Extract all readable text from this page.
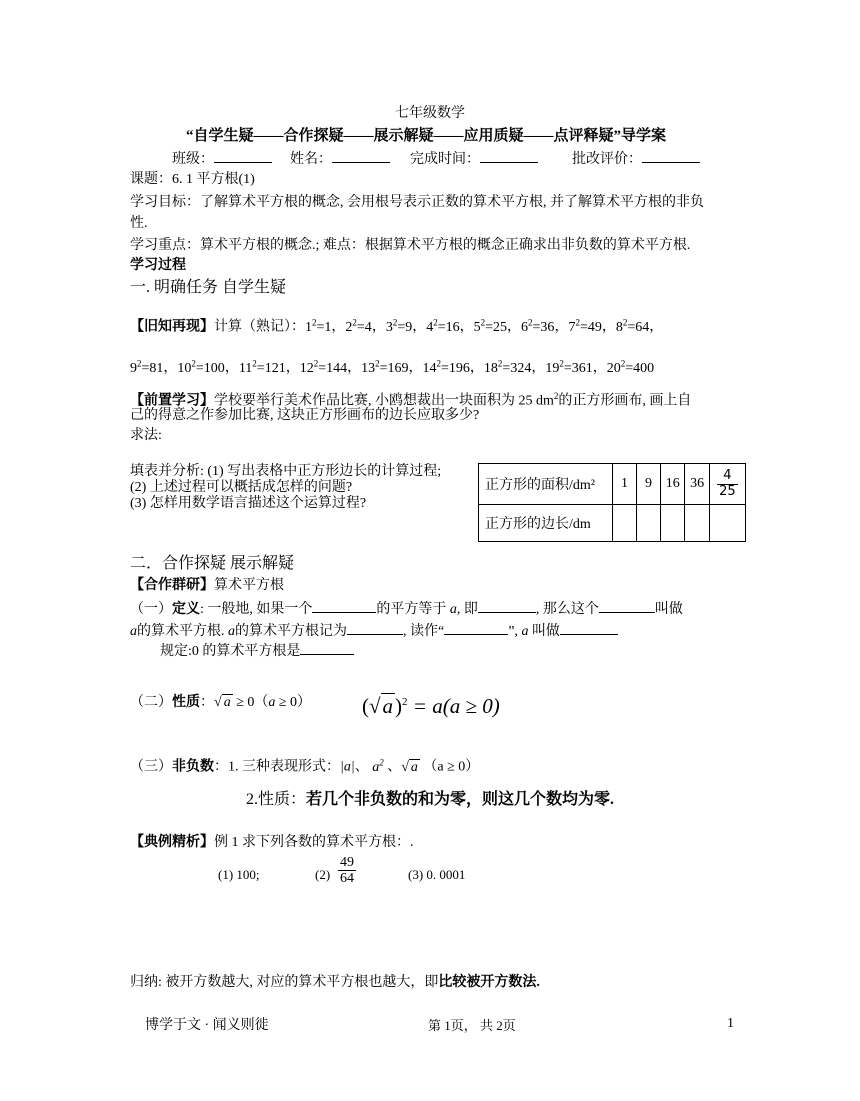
七年级数学
“自学生疑——合作探疑——展示解疑——应用质疑——点评释疑”导学案
班级：	姓名：	完成时间：	批改评价：
课题：6. 1 平方根(1)
学习目标：了解算术平方根的概念, 会用根号表示正数的算术平方根, 并了解算术平方根的非负
性.
学习重点：算术平方根的概念.; 难点：根据算术平方根的概念正确求出非负数的算术平方根.
学习过程
一. 明确任务 自学生疑
【旧知再现】计算（熟记）：$1^2=1$，$2^2=4$，$3^2=9$，$4^2=16$，$5^2=25$，$6^2=36$，$7^2=49$，$8^2=64$，
$9^2=81$，$10^2=100$，$11^2=121$，$12^2=144$，$13^2=169$，$14^2=196$，$18^2=324$，$19^2=361$，$20^2=400$
【前置学习】学校要举行美术作品比赛, 小鸥想裁出一块面积为 25 $dm^2$的正方形画布, 画上自
己的得意之作参加比赛, 这块正方形画布的边长应取多少?
求法:
填表并分析: (1) 写出表格中正方形边长的计算过程;
(2) 上述过程可以概括成怎样的问题?
(3) 怎样用数学语言描述这个运算过程?
正方形的面积/dm²	1	9	16	36	$\frac{4}{25}$

正方形的边长/dm					
二．合作探疑 展示解疑
【合作群研】算术平方根
（一）定义: 一般地, 如果一个	的平方等于 a, 即	, 那么这个	叫做
a的算术平方根. a的算术平方根记为	, 读作“	”, a 叫做
规定:0 的算术平方根是
（二）性质：√ a ≥ 0（a ≥ 0） $(√a)^2 = a(a \ge 0)$
（三）非负数：1. 三种表现形式：|a|、 $a^2$ 、√ a （a ≥ 0）
2.性质：若几个非负数的和为零，则这几个数均为零.
【典例精析】例 1 求下列各数的算术平方根：.
(1) 100;	$(2) \frac{49}{64}$	(3) 0. 0001
归纳: 被开方数越大, 对应的算术平方根也越大，即比较被开方数法.
博学于文 · 闻义则徙	第 1页， 共 2页	1
